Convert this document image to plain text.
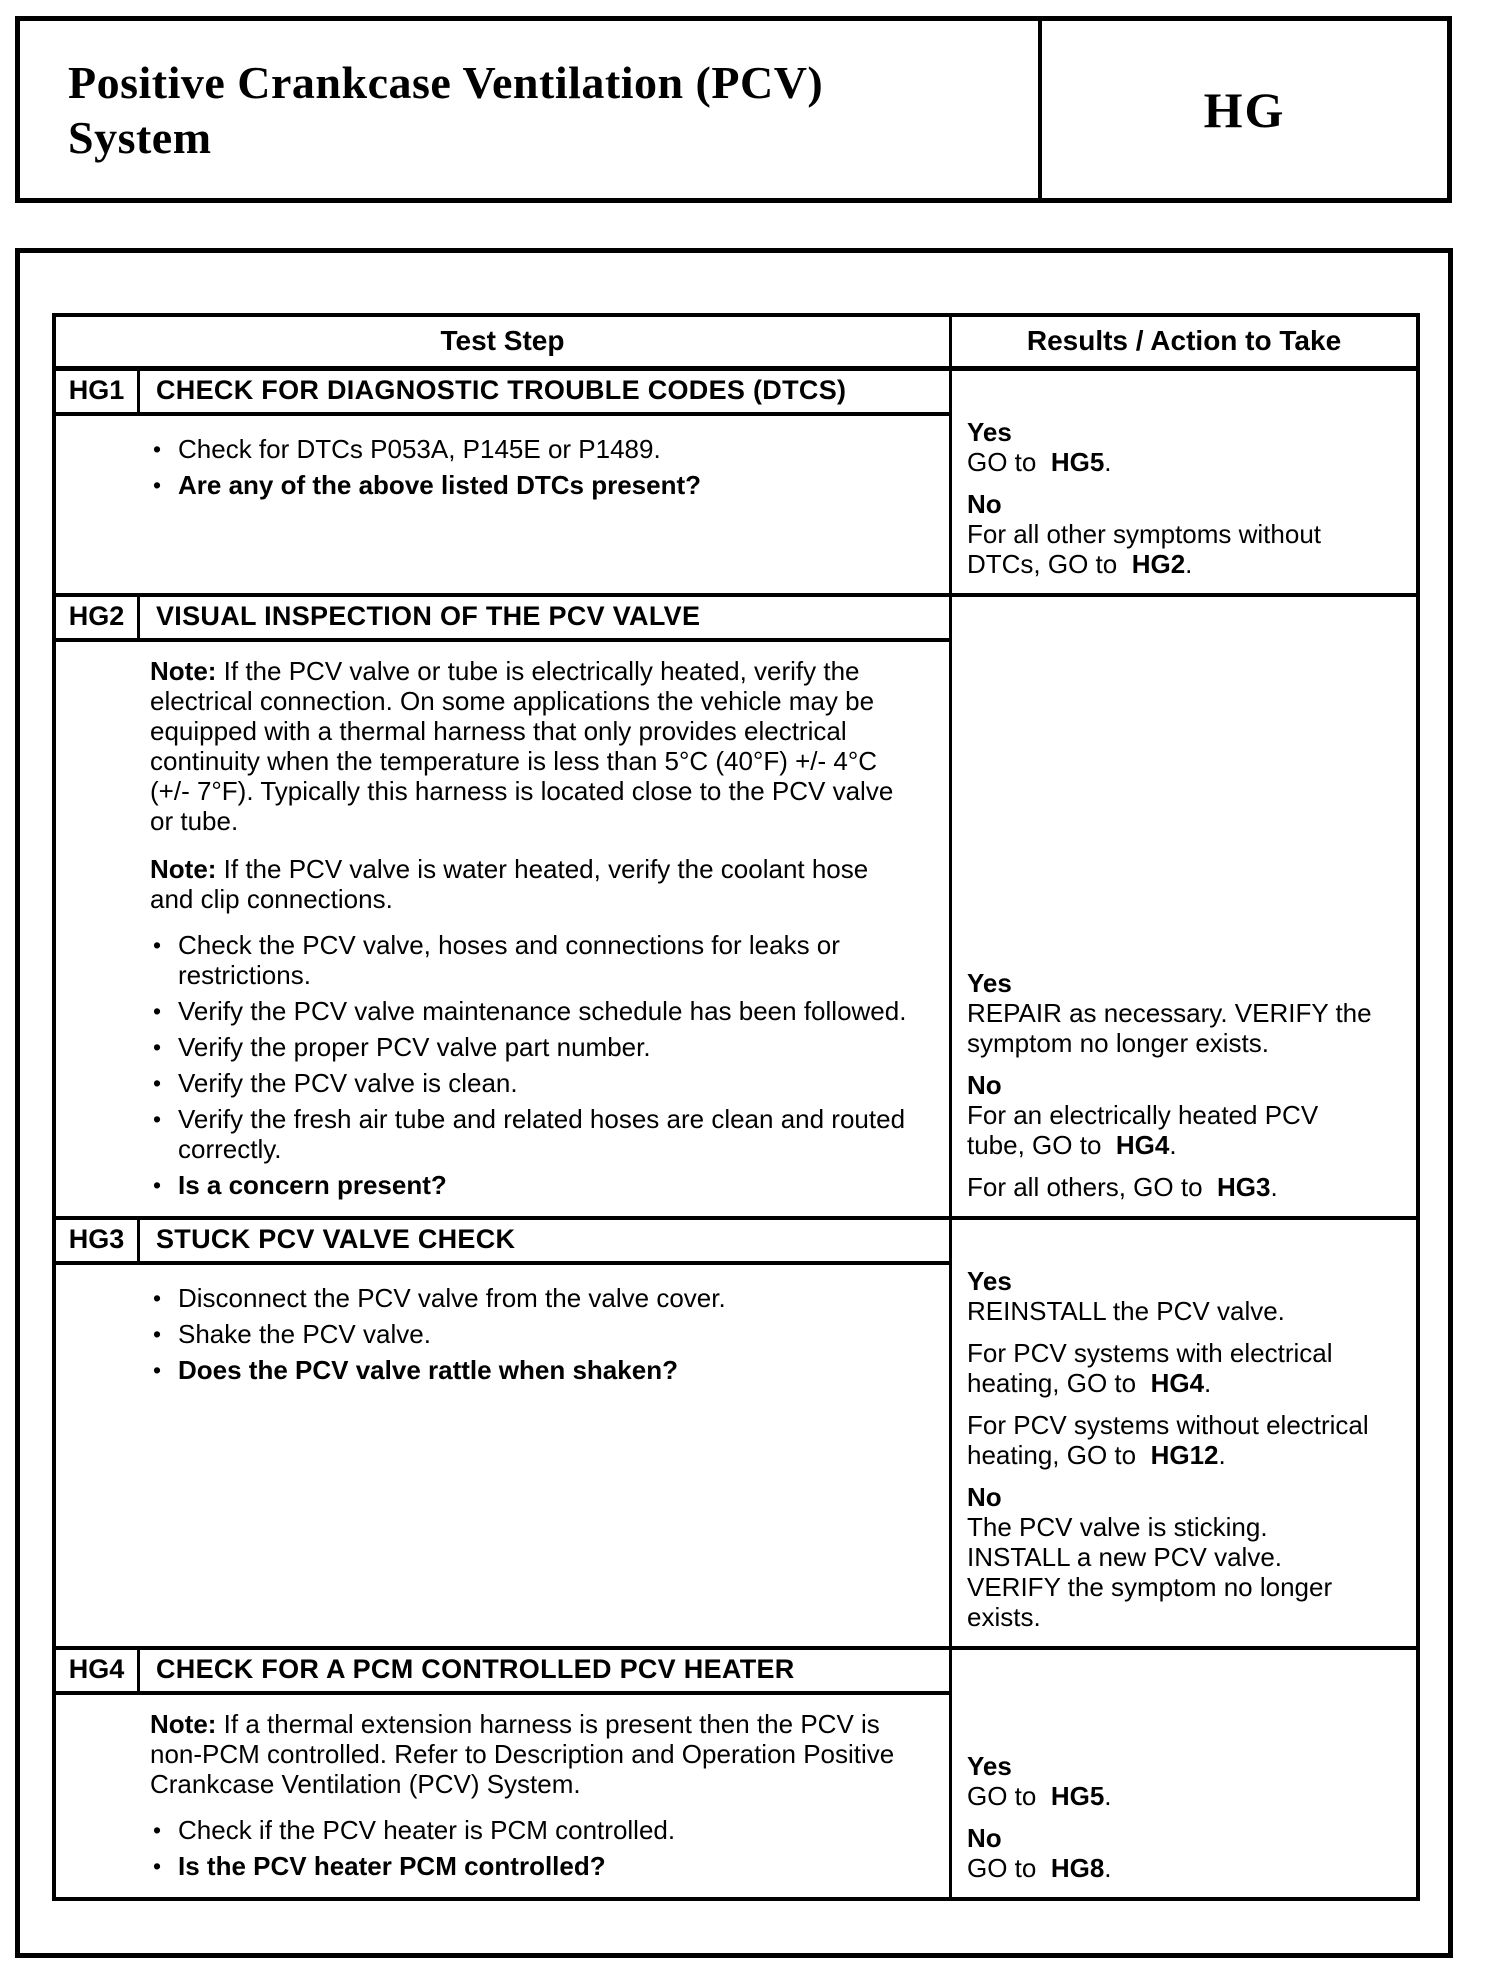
Positive Crankcase Ventilation (PCV)
System	HG
Test Step	Results / Action to Take
HG1	CHECK FOR DIAGNOSTIC TROUBLE CODES (DTCS)
• Check for DTCs P053A, P145E or P1489.
• Are any of the above listed DTCs present?
Yes
GO to  HG5.
No
For all other symptoms without
DTCs, GO to  HG2.
HG2	VISUAL INSPECTION OF THE PCV VALVE
Note: If the PCV valve or tube is electrically heated, verify the electrical connection. On some applications the vehicle may be equipped with a thermal harness that only provides electrical continuity when the temperature is less than 5°C (40°F) +/- 4°C (+/- 7°F). Typically this harness is located close to the PCV valve or tube.
Note: If the PCV valve is water heated, verify the coolant hose and clip connections.
• Check the PCV valve, hoses and connections for leaks or restrictions.
• Verify the PCV valve maintenance schedule has been followed.
• Verify the proper PCV valve part number.
• Verify the PCV valve is clean.
• Verify the fresh air tube and related hoses are clean and routed correctly.
• Is a concern present?
Yes
REPAIR as necessary. VERIFY the
symptom no longer exists.
No
For an electrically heated PCV
tube, GO to  HG4.
For all others, GO to  HG3.
HG3	STUCK PCV VALVE CHECK
• Disconnect the PCV valve from the valve cover.
• Shake the PCV valve.
• Does the PCV valve rattle when shaken?
Yes
REINSTALL the PCV valve.
For PCV systems with electrical
heating, GO to  HG4.
For PCV systems without electrical
heating, GO to  HG12.
No
The PCV valve is sticking.
INSTALL a new PCV valve.
VERIFY the symptom no longer
exists.
HG4	CHECK FOR A PCM CONTROLLED PCV HEATER
Note: If a thermal extension harness is present then the PCV is non-PCM controlled. Refer to Description and Operation Positive Crankcase Ventilation (PCV) System.
• Check if the PCV heater is PCM controlled.
• Is the PCV heater PCM controlled?
Yes
GO to  HG5.
No
GO to  HG8.
